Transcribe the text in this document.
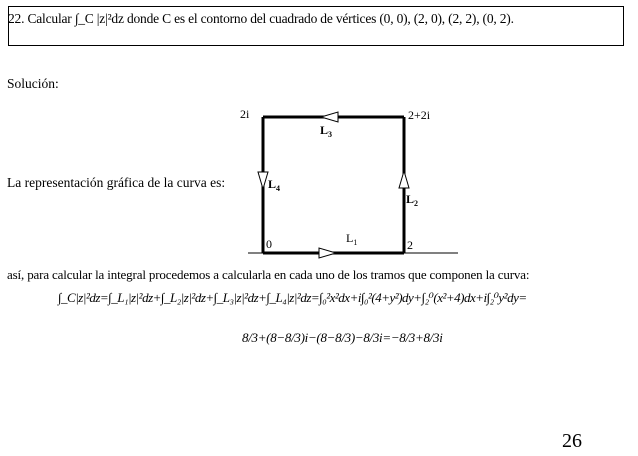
22. Calcular ∫_C |z|²dz donde C es el contorno del cuadrado de vértices (0, 0), (2, 0), (2, 2), (0, 2).
Solución:
La representación gráfica de la curva es:
0	2
2i	2+2i
$L_1$
$L_2$
$L_3$
$L_4$
así, para calcular la integral procedemos a calcularla en cada uno de los tramos que componen la curva:
∫_C|z|²dz=∫_L₁|z|²dz+∫_L₂|z|²dz+∫_L₃|z|²dz+∫_L₄|z|²dz=∫₀²x²dx+i∫₀²(4+y²)dy+∫₂⁰(x²+4)dx+i∫₂⁰y²dy=
8/3+(8−8/3)i−(8−8/3)−8/3i=−8/3+8/3i
26
